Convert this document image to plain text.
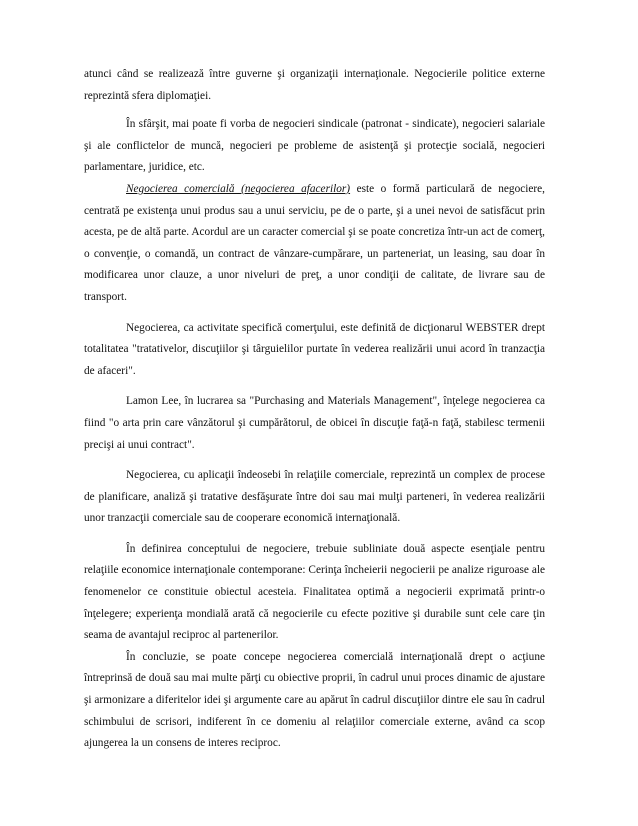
atunci când se realizează între guverne şi organizaţii internaţionale. Negocierile politice externe reprezintă sfera diplomaţiei.

În sfârşit, mai poate fi vorba de negocieri sindicale (patronat - sindicate), negocieri salariale şi ale conflictelor de muncă, negocieri pe probleme de asistenţă şi protecţie socială, negocieri parlamentare, juridice, etc.

Negocierea comercială (negocierea afacerilor) este o formă particulară de negociere, centrată pe existenţa unui produs sau a unui serviciu, pe de o parte, şi a unei nevoi de satisfăcut prin acesta, pe de altă parte. Acordul are un caracter comercial şi se poate concretiza într-un act de comerţ, o convenţie, o comandă, un contract de vânzare-cumpărare, un parteneriat, un leasing, sau doar în modificarea unor clauze, a unor niveluri de preţ, a unor condiţii de calitate, de livrare sau de transport.

Negocierea, ca activitate specifică comerţului, este definită de dicţionarul WEBSTER drept totalitatea "tratativelor, discuţiilor şi târguielilor purtate în vederea realizării unui acord în tranzacţia de afaceri".

Lamon Lee, în lucrarea sa "Purchasing and Materials Management", înţelege negocierea ca fiind "o arta prin care vânzătorul şi cumpărătorul, de obicei în discuţie faţă-n faţă, stabilesc termenii precişi ai unui contract".

Negocierea, cu aplicaţii îndeosebi în relaţiile comerciale, reprezintă un complex de procese de planificare, analiză şi tratative desfăşurate între doi sau mai mulţi parteneri, în vederea realizării unor tranzacţii comerciale sau de cooperare economică internaţională.

În definirea conceptului de negociere, trebuie subliniate două aspecte esenţiale pentru relaţiile economice internaţionale contemporane: Cerinţa încheierii negocierii pe analize riguroase ale fenomenelor ce constituie obiectul acesteia. Finalitatea optimă a negocierii exprimată printr-o înţelegere; experienţa mondială arată că negocierile cu efecte pozitive şi durabile sunt cele care ţin seama de avantajul reciproc al partenerilor.

În concluzie, se poate concepe negocierea comercială internaţională drept o acţiune întreprinsă de două sau mai multe părţi cu obiective proprii, în cadrul unui proces dinamic de ajustare şi armonizare a diferitelor idei şi argumente care au apărut în cadrul discuţiilor dintre ele sau în cadrul schimbului de scrisori, indiferent în ce domeniu al relaţiilor comerciale externe, având ca scop ajungerea la un consens de interes reciproc.
